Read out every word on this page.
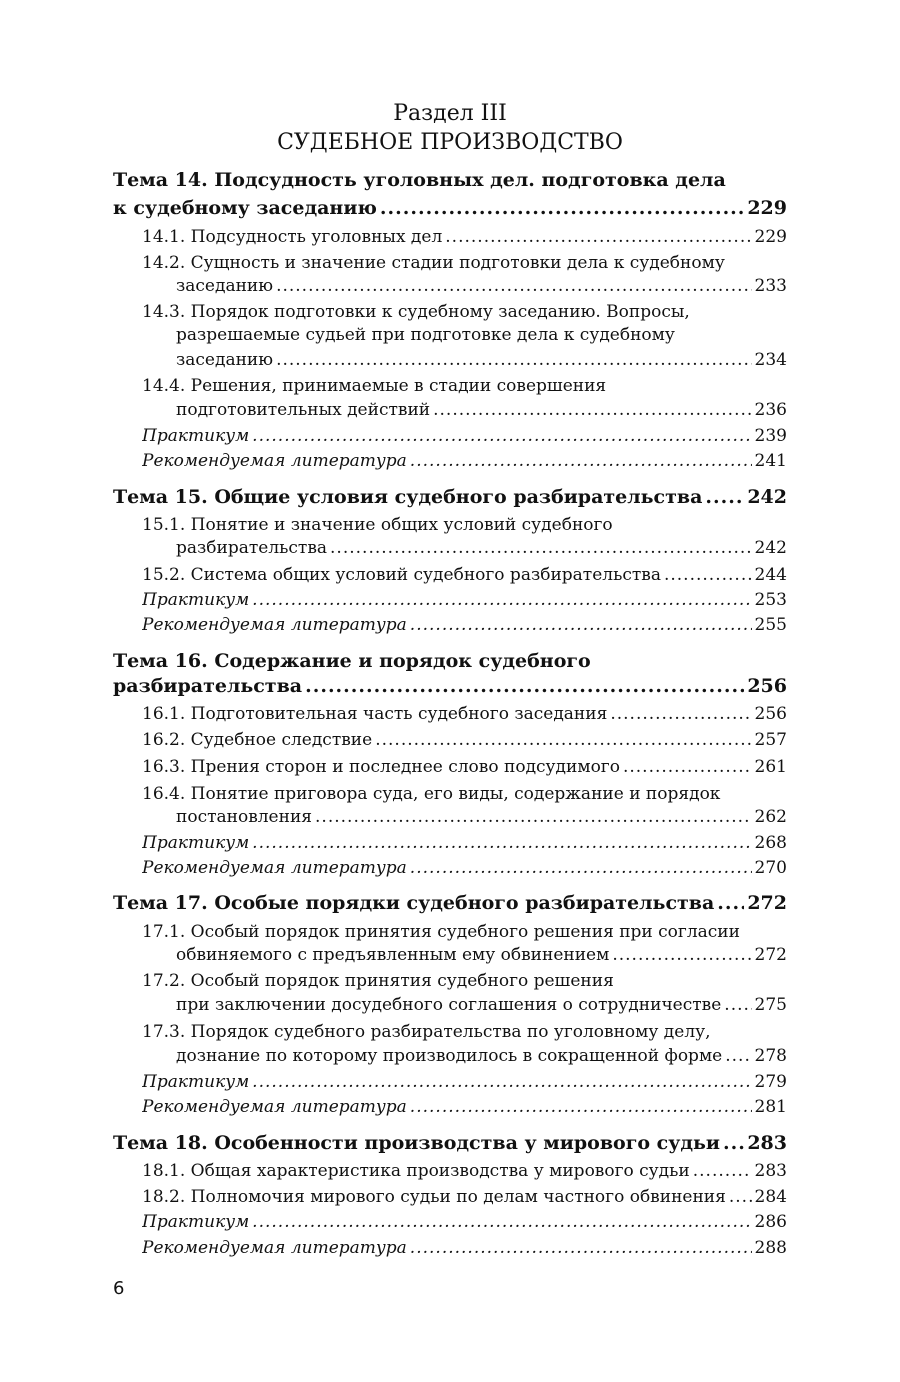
Раздел III
СУДЕБНОЕ ПРОИЗВОДСТВО
Тема 14. Подсудность уголовных дел. подготовка дела
к судебному заседанию .....	229
14.1. Подсудность уголовных дел .....	229
14.2. Сущность и значение стадии подготовки дела к судебному
заседанию .....	233
14.3. Порядок подготовки к судебному заседанию. Вопросы,
разрешаемые судьей при подготовке дела к судебному
заседанию .....	234
14.4. Решения, принимаемые в стадии совершения
подготовительных действий .....	236
Практикум .....	239
Рекомендуемая литература .....	241
Тема 15. Общие условия судебного разбирательства ..... 242
15.1. Понятие и значение общих условий судебного
разбирательства .....	242
15.2. Система общих условий судебного разбирательства .....	244
Практикум .....	253
Рекомендуемая литература .....	255
Тема 16. Содержание и порядок судебного
разбирательства .....	256
16.1. Подготовительная часть судебного заседания .....	256
16.2. Судебное следствие .....	257
16.3. Прения сторон и последнее слово подсудимого .....	261
16.4. Понятие приговора суда, его виды, содержание и порядок
постановления .....	262
Практикум .....	268
Рекомендуемая литература .....	270
Тема 17. Особые порядки судебного разбирательства ..... 272
17.1. Особый порядок принятия судебного решения при согласии
обвиняемого с предъявленным ему обвинением .....	272
17.2. Особый порядок принятия судебного решения
при заключении досудебного соглашения о сотрудничестве ..... 275
17.3. Порядок судебного разбирательства по уголовному делу,
дознание по которому производилось в сокращенной форме ..... 278
Практикум .....	279
Рекомендуемая литература .....	281
Тема 18. Особенности производства у мирового судьи ..... 283
18.1. Общая характеристика производства у мирового судьи .....	283
18.2. Полномочия мирового судьи по делам частного обвинения ..... 284
Практикум .....	286
Рекомендуемая литература .....	288
6
